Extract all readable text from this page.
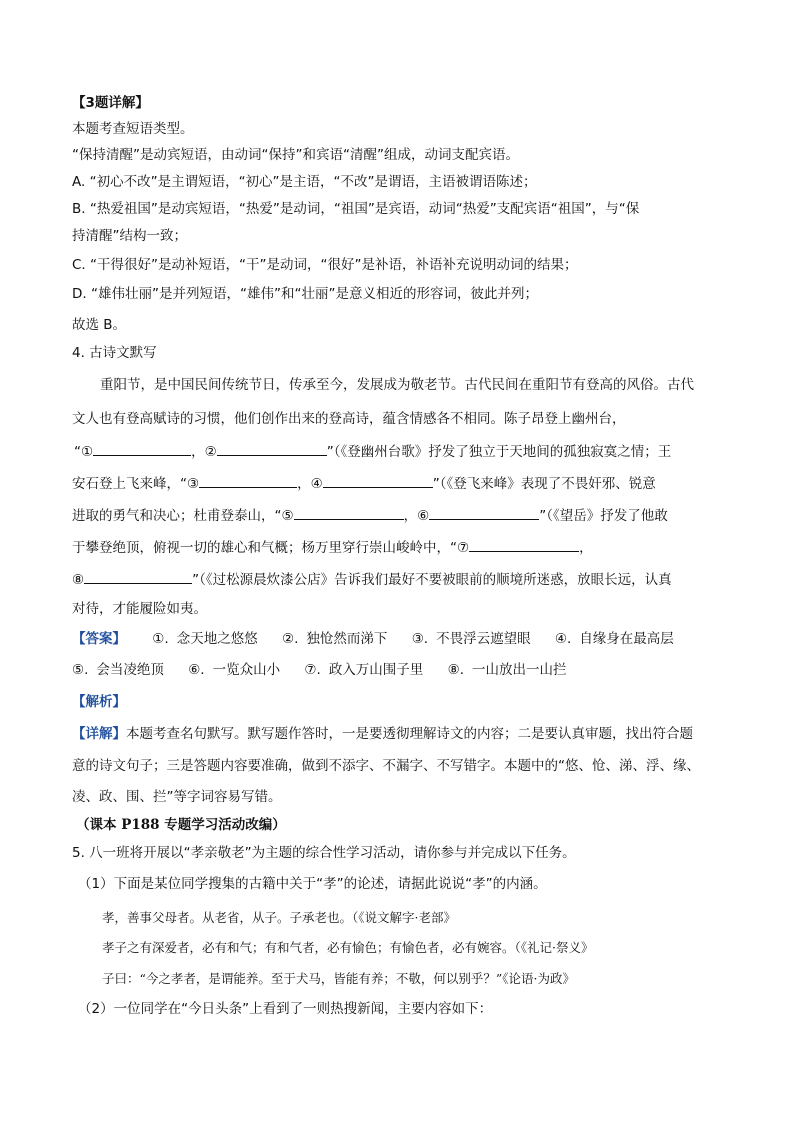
【3题详解】
本题考查短语类型。
“保持清醒”是动宾短语，由动词“保持”和宾语“清醒”组成，动词支配宾语。
A. “初心不改”是主谓短语，“初心”是主语，“不改”是谓语，主语被谓语陈述；
B. “热爱祖国”是动宾短语，“热爱”是动词，“祖国”是宾语，动词“热爱”支配宾语“祖国”，与“保
持清醒”结构一致；
C. “干得很好”是动补短语，“干”是动词，“很好”是补语，补语补充说明动词的结果；
D. “雄伟壮丽”是并列短语，“雄伟”和“壮丽”是意义相近的形容词，彼此并列；
故选 B。
4. 古诗文默写
重阳节，是中国民间传统节日，传承至今，发展成为敬老节。古代民间在重阳节有登高的风俗。古代
文人也有登高赋诗的习惯，他们创作出来的登高诗，蕴含情感各不相同。陈子昂登上幽州台，
“①	，②	”（《登幽州台歌》抒发了独立于天地间的孤独寂寞之情；王
安石登上飞来峰，“③	，④	”（《登飞来峰》表现了不畏奸邪、锐意
进取的勇气和决心；杜甫登泰山，“⑤	，⑥	”（《望岳》抒发了他敢
于攀登绝顶，俯视一切的雄心和气概；杨万里穿行崇山峻岭中，“⑦	，
⑧	”（《过松源晨炊漆公店》告诉我们最好不要被眼前的顺境所迷惑，放眼长远，认真
对待，才能履险如夷。
【答案】 ①. 念天地之悠悠 ②. 独怆然而涕下 ③. 不畏浮云遮望眼 ④. 自缘身在最高层
⑤. 会当凌绝顶 ⑥. 一览众山小 ⑦. 政入万山围子里 ⑧. 一山放出一山拦
【解析】
【详解】本题考查名句默写。默写题作答时，一是要透彻理解诗文的内容；二是要认真审题，找出符合题
意的诗文句子；三是答题内容要准确，做到不添字、不漏字、不写错字。本题中的“悠、怆、涕、浮、缘、
凌、政、围、拦”等字词容易写错。
（课本 P188 专题学习活动改编）
5. 八一班将开展以“孝亲敬老”为主题的综合性学习活动，请你参与并完成以下任务。
（1）下面是某位同学搜集的古籍中关于“孝”的论述，请据此说说“孝”的内涵。
孝，善事父母者。从老省，从子。子承老也。（《说文解字·老部》
孝子之有深爱者，必有和气；有和气者，必有愉色；有愉色者，必有婉容。（《礼记·祭义》
子曰：“今之孝者，是谓能养。至于犬马，皆能有养；不敬，何以别乎？”《论语·为政》
（2）一位同学在“今日头条”上看到了一则热搜新闻，主要内容如下：
